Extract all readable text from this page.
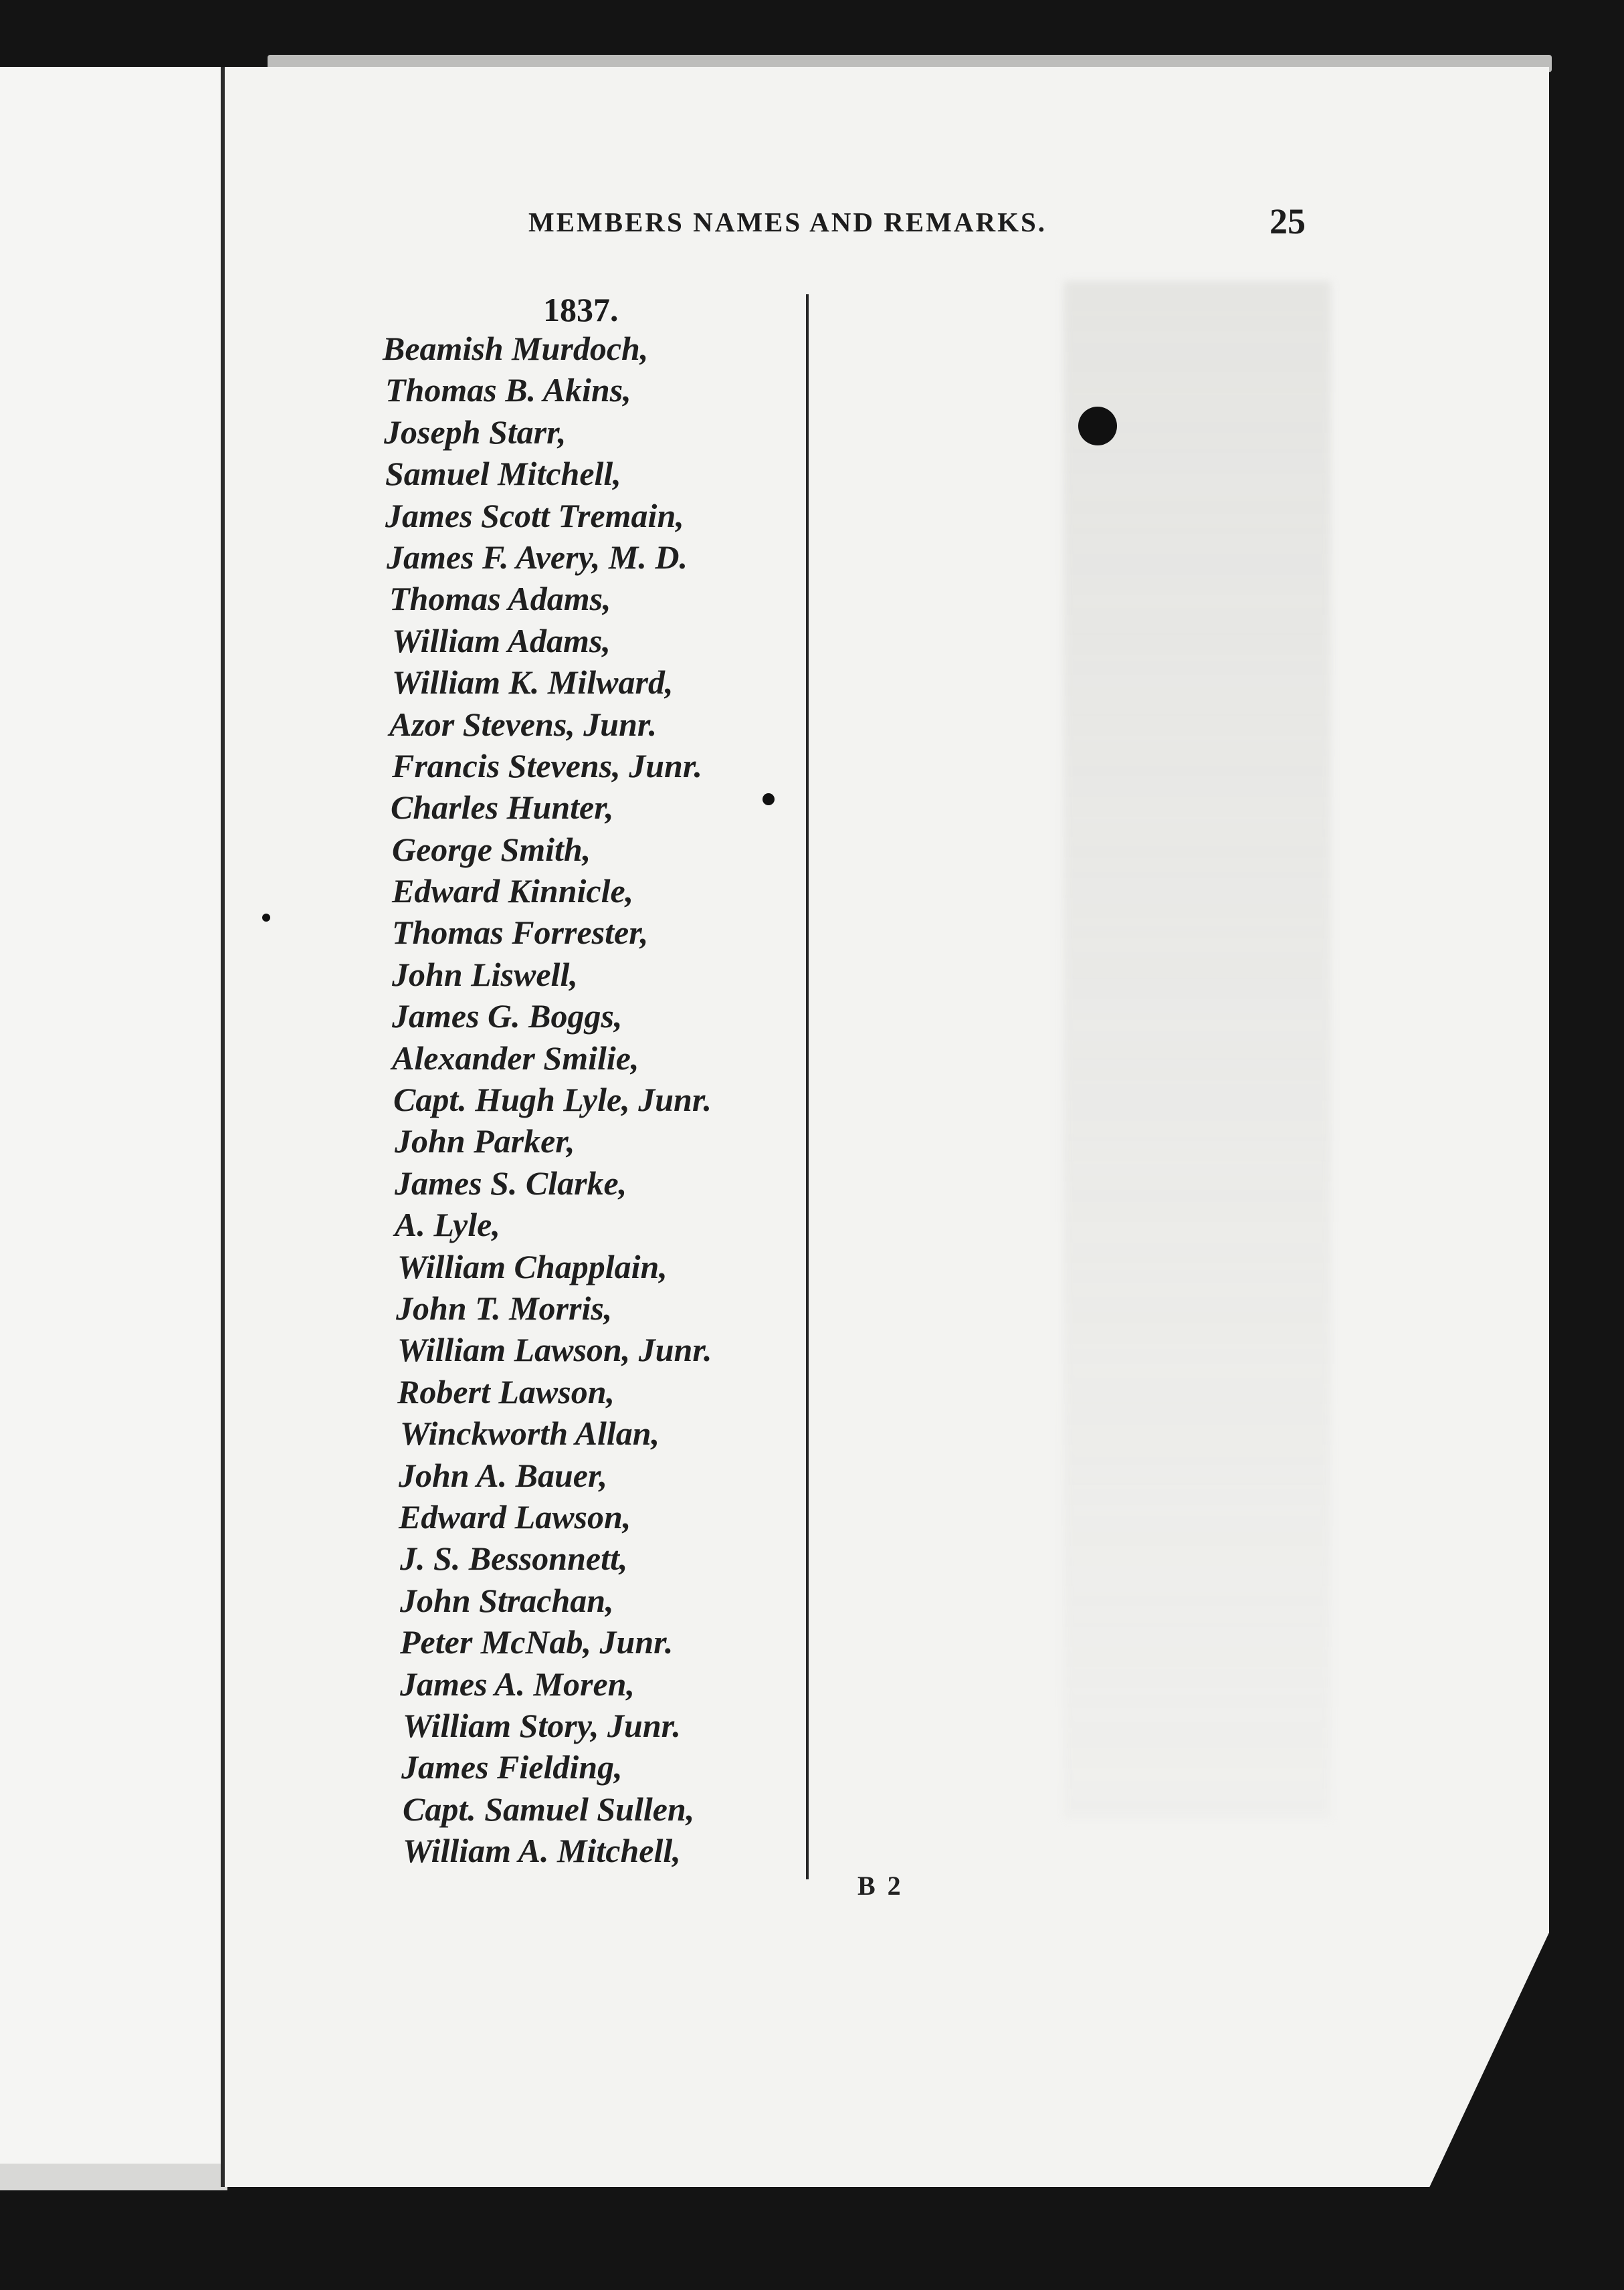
MEMBERS NAMES AND REMARKS.	25
1837.
Beamish Murdoch,
Thomas B. Akins,
Joseph Starr,
Samuel Mitchell,
James Scott Tremain,
James F. Avery, M. D.
Thomas Adams,
William Adams,
William K. Milward,
Azor Stevens, Junr.
Francis Stevens, Junr.
Charles Hunter,
George Smith,
Edward Kinnicle,
Thomas Forrester,
John Liswell,
James G. Boggs,
Alexander Smilie,
Capt. Hugh Lyle, Junr.
John Parker,
James S. Clarke,
A. Lyle,
William Chapplain,
John T. Morris,
William Lawson, Junr.
Robert Lawson,
Winckworth Allan,
John A. Bauer,
Edward Lawson,
J. S. Bessonnett,
John Strachan,
Peter McNab, Junr.
James A. Moren,
William Story, Junr.
James Fielding,
Capt. Samuel Sullen,
William A. Mitchell,
B 2
